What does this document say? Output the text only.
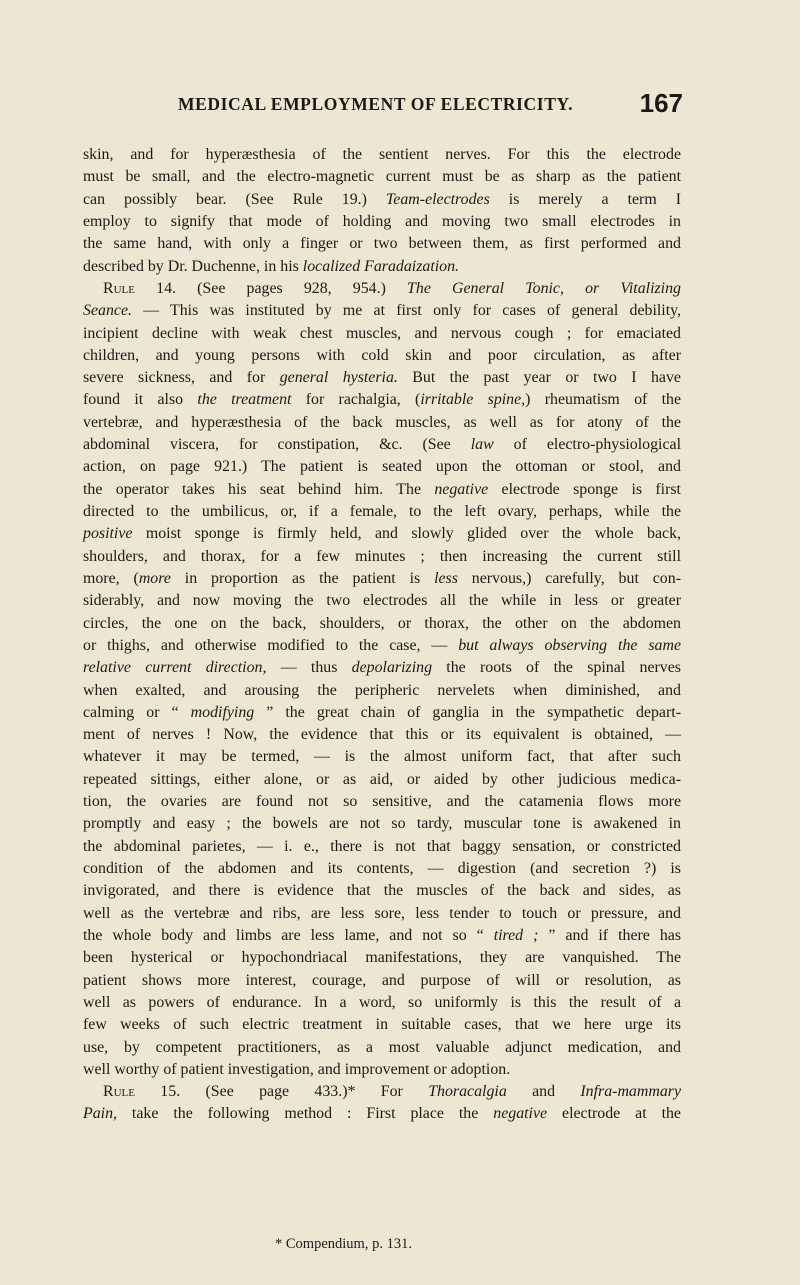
MEDICAL EMPLOYMENT OF ELECTRICITY.	167
skin, and for hyperæsthesia of the sentient nerves. For this the electrode
must be small, and the electro-magnetic current must be as sharp as the patient
can possibly bear. (See Rule 19.) Team-electrodes is merely a term I
employ to signify that mode of holding and moving two small electrodes in
the same hand, with only a finger or two between them, as first performed and
described by Dr. Duchenne, in his localized Faradaization.
Rule 14. (See pages 928, 954.) The General Tonic, or Vitalizing
Seance. — This was instituted by me at first only for cases of general debility,
incipient decline with weak chest muscles, and nervous cough ; for emaciated
children, and young persons with cold skin and poor circulation, as after
severe sickness, and for general hysteria. But the past year or two I have
found it also the treatment for rachalgia, (irritable spine,) rheumatism of the
vertebræ, and hyperæsthesia of the back muscles, as well as for atony of the
abdominal viscera, for constipation, &c. (See law of electro-physiological
action, on page 921.) The patient is seated upon the ottoman or stool, and
the operator takes his seat behind him. The negative electrode sponge is first
directed to the umbilicus, or, if a female, to the left ovary, perhaps, while the
positive moist sponge is firmly held, and slowly glided over the whole back,
shoulders, and thorax, for a few minutes ; then increasing the current still
more, (more in proportion as the patient is less nervous,) carefully, but con-
siderably, and now moving the two electrodes all the while in less or greater
circles, the one on the back, shoulders, or thorax, the other on the abdomen
or thighs, and otherwise modified to the case, — but always observing the same
relative current direction, — thus depolarizing the roots of the spinal nerves
when exalted, and arousing the peripheric nervelets when diminished, and
calming or “ modifying ” the great chain of ganglia in the sympathetic depart-
ment of nerves ! Now, the evidence that this or its equivalent is obtained, —
whatever it may be termed, — is the almost uniform fact, that after such
repeated sittings, either alone, or as aid, or aided by other judicious medica-
tion, the ovaries are found not so sensitive, and the catamenia flows more
promptly and easy ; the bowels are not so tardy, muscular tone is awakened in
the abdominal parietes, — i. e., there is not that baggy sensation, or constricted
condition of the abdomen and its contents, — digestion (and secretion ?) is
invigorated, and there is evidence that the muscles of the back and sides, as
well as the vertebræ and ribs, are less sore, less tender to touch or pressure, and
the whole body and limbs are less lame, and not so “ tired ; ” and if there has
been hysterical or hypochondriacal manifestations, they are vanquished. The
patient shows more interest, courage, and purpose of will or resolution, as
well as powers of endurance. In a word, so uniformly is this the result of a
few weeks of such electric treatment in suitable cases, that we here urge its
use, by competent practitioners, as a most valuable adjunct medication, and
well worthy of patient investigation, and improvement or adoption.
Rule 15. (See page 433.)* For Thoracalgia and Infra-mammary
Pain, take the following method : First place the negative electrode at the
* Compendium, p. 131.
